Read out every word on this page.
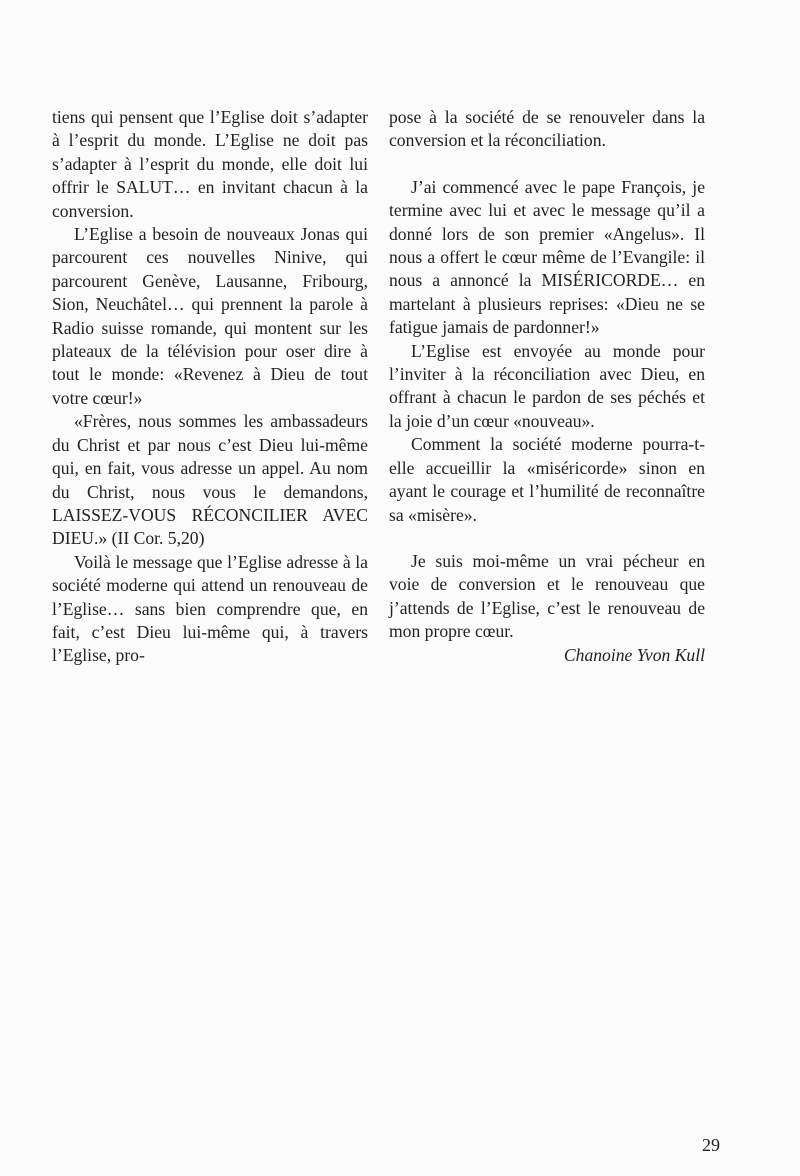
tiens qui pensent que l’Eglise doit s’adapter à l’esprit du monde. L’Eglise ne doit pas s’adapter à l’esprit du monde, elle doit lui offrir le SALUT… en invitant chacun à la conversion.

L’Eglise a besoin de nouveaux Jonas qui parcourent ces nouvelles Ninive, qui parcourent Genève, Lausanne, Fribourg, Sion, Neuchâtel… qui prennent la parole à Radio suisse romande, qui montent sur les plateaux de la télévision pour oser dire à tout le monde: «Revenez à Dieu de tout votre cœur!»

«Frères, nous sommes les ambassadeurs du Christ et par nous c’est Dieu lui-même qui, en fait, vous adresse un appel. Au nom du Christ, nous vous le demandons, LAISSEZ-VOUS RÉCONCILIER AVEC DIEU.» (II Cor. 5,20)

Voilà le message que l’Eglise adresse à la société moderne qui attend un renouveau de l’Eglise… sans bien comprendre que, en fait, c’est Dieu lui-même qui, à travers l’Eglise, pro-

pose à la société de se renouveler dans la conversion et la réconciliation.

J’ai commencé avec le pape François, je termine avec lui et avec le message qu’il a donné lors de son premier «Angelus». Il nous a offert le cœur même de l’Evangile: il nous a annoncé la MISÉRICORDE… en martelant à plusieurs reprises: «Dieu ne se fatigue jamais de pardonner!»

L’Eglise est envoyée au monde pour l’inviter à la réconciliation avec Dieu, en offrant à chacun le pardon de ses péchés et la joie d’un cœur «nouveau».

Comment la société moderne pourra-t-elle accueillir la «miséricorde» sinon en ayant le courage et l’humilité de reconnaître sa «misère».

Je suis moi-même un vrai pécheur en voie de conversion et le renouveau que j’attends de l’Eglise, c’est le renouveau de mon propre cœur.

Chanoine Yvon Kull

29
